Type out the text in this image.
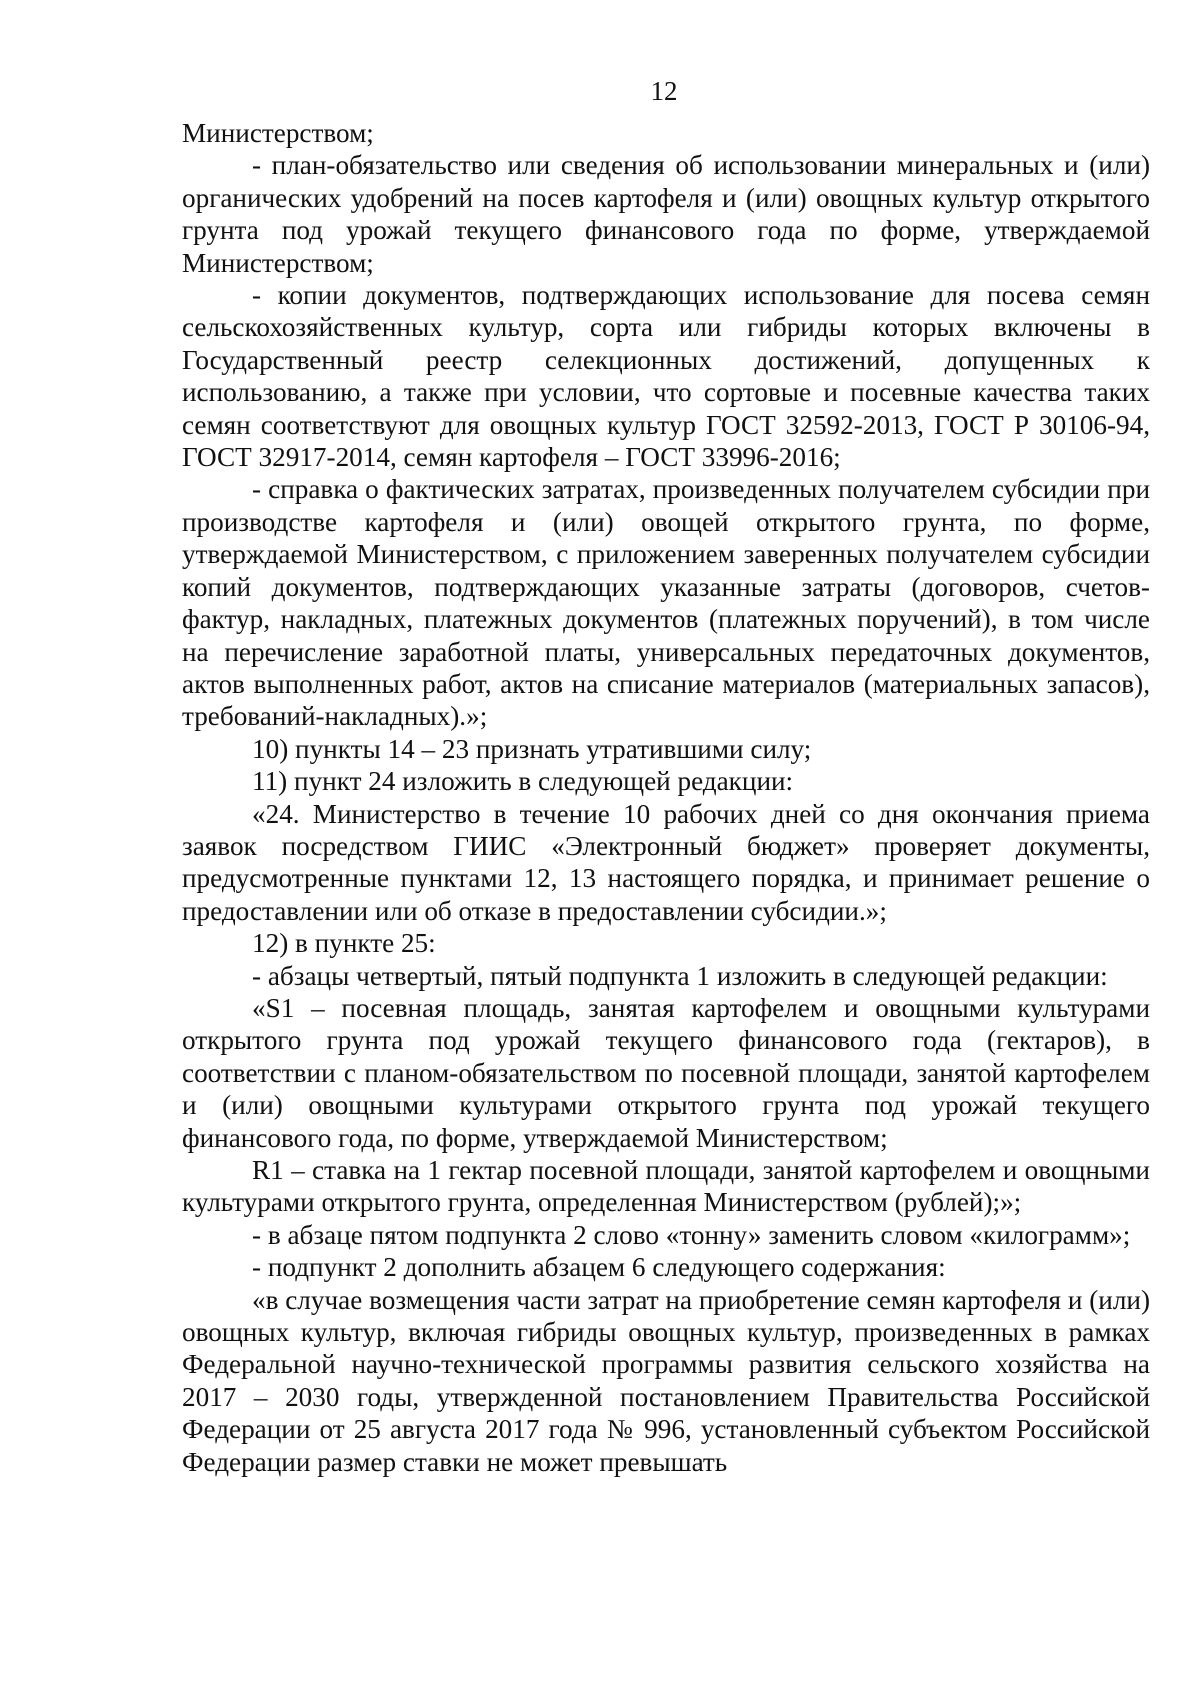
12

Министерством;

- план-обязательство или сведения об использовании минеральных и (или) органических удобрений на посев картофеля и (или) овощных культур открытого грунта под урожай текущего финансового года по форме, утверждаемой Министерством;

- копии документов, подтверждающих использование для посева семян сельскохозяйственных культур, сорта или гибриды которых включены в Государственный реестр селекционных достижений, допущенных к использованию, а также при условии, что сортовые и посевные качества таких семян соответствуют для овощных культур ГОСТ 32592-2013, ГОСТ Р 30106-94, ГОСТ 32917-2014, семян картофеля – ГОСТ 33996-2016;

- справка о фактических затратах, произведенных получателем субсидии при производстве картофеля и (или) овощей открытого грунта, по форме, утверждаемой Министерством, с приложением заверенных получателем субсидии копий документов, подтверждающих указанные затраты (договоров, счетов-фактур, накладных, платежных документов (платежных поручений), в том числе на перечисление заработной платы, универсальных передаточных документов, актов выполненных работ, актов на списание материалов (материальных запасов), требований-накладных).»;

10) пункты 14 – 23 признать утратившими силу;

11) пункт 24 изложить в следующей редакции:

«24. Министерство в течение 10 рабочих дней со дня окончания приема заявок посредством ГИИС «Электронный бюджет» проверяет документы, предусмотренные пунктами 12, 13 настоящего порядка, и принимает решение о предоставлении или об отказе в предоставлении субсидии.»;

12) в пункте 25:

- абзацы четвертый, пятый подпункта 1 изложить в следующей редакции:

«S1 – посевная площадь, занятая картофелем и овощными культурами открытого грунта под урожай текущего финансового года (гектаров), в соответствии с планом-обязательством по посевной площади, занятой картофелем и (или) овощными культурами открытого грунта под урожай текущего финансового года, по форме, утверждаемой Министерством;

R1 – ставка на 1 гектар посевной площади, занятой картофелем и овощными культурами открытого грунта, определенная Министерством (рублей);»;

- в абзаце пятом подпункта 2 слово «тонну» заменить словом «килограмм»;

- подпункт 2 дополнить абзацем 6 следующего содержания:

«в случае возмещения части затрат на приобретение семян картофеля и (или) овощных культур, включая гибриды овощных культур, произведенных в рамках Федеральной научно-технической программы развития сельского хозяйства на 2017 – 2030 годы, утвержденной постановлением Правительства Российской Федерации от 25 августа 2017 года № 996, установленный субъектом Российской Федерации размер ставки не может превышать
